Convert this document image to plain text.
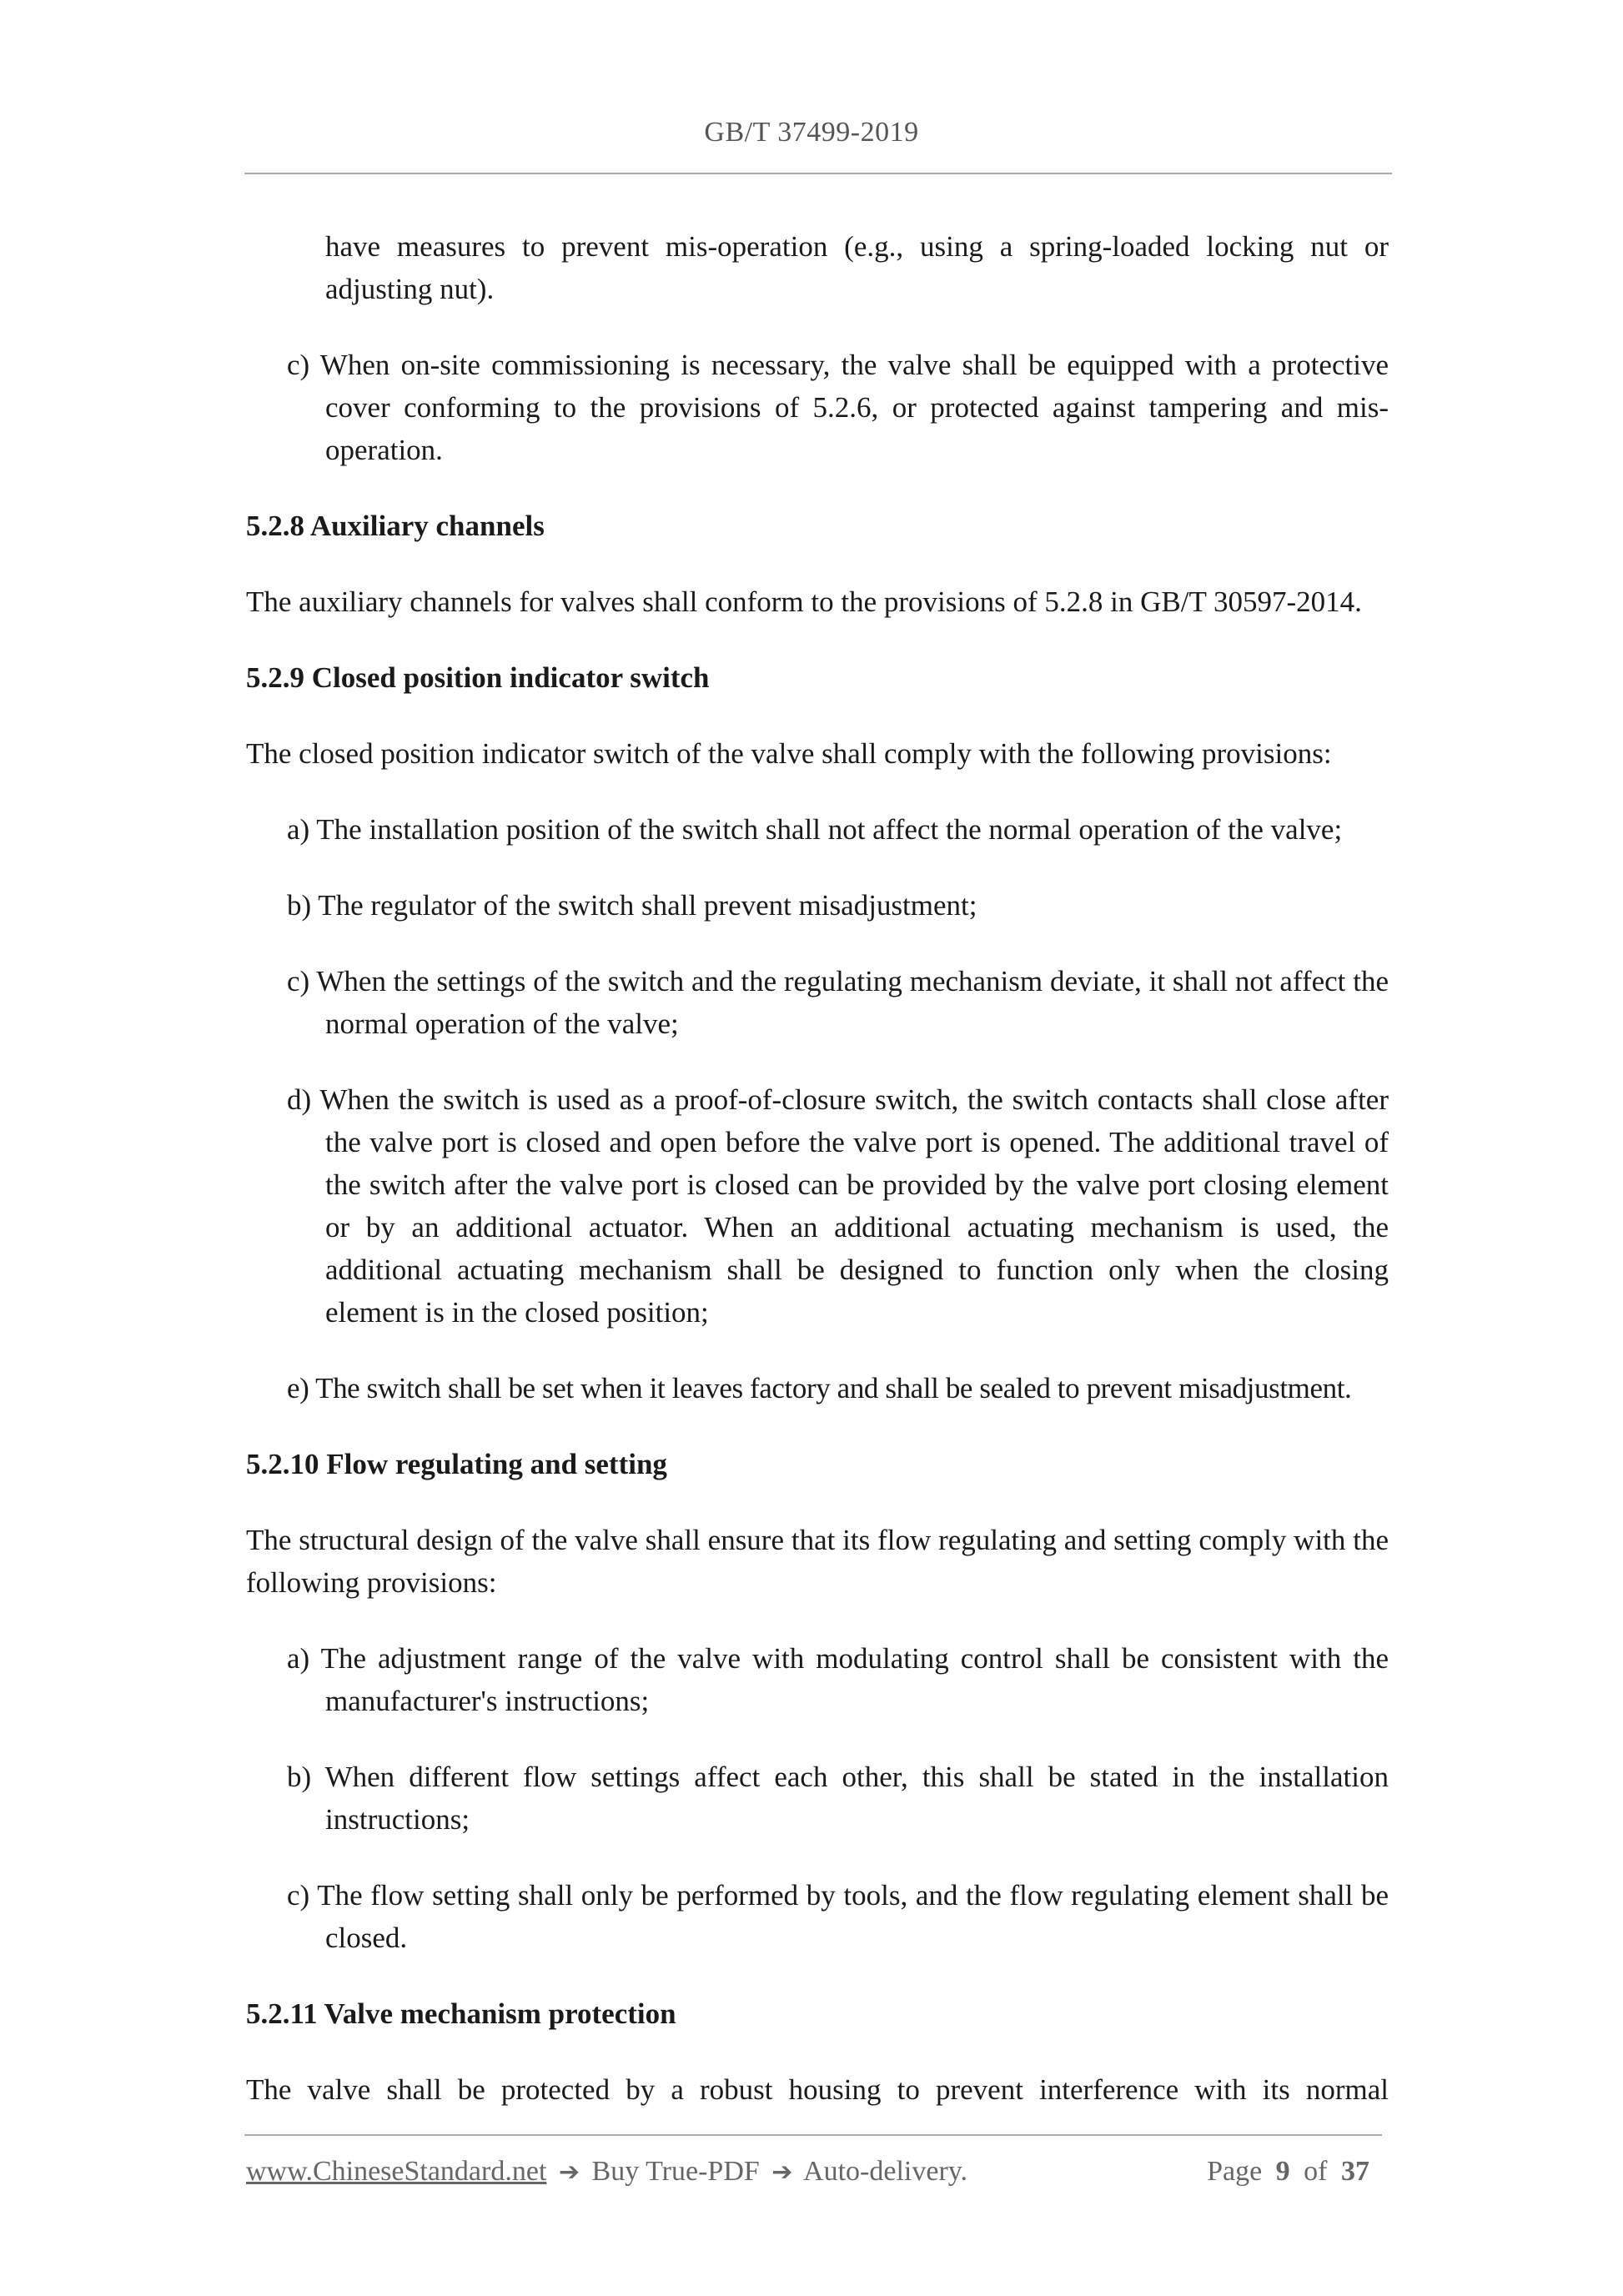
GB/T 37499-2019

have measures to prevent mis-operation (e.g., using a spring-loaded locking nut or adjusting nut).

c) When on-site commissioning is necessary, the valve shall be equipped with a protective cover conforming to the provisions of 5.2.6, or protected against tampering and mis-operation.

5.2.8 Auxiliary channels

The auxiliary channels for valves shall conform to the provisions of 5.2.8 in GB/T 30597-2014.

5.2.9 Closed position indicator switch

The closed position indicator switch of the valve shall comply with the following provisions:

a) The installation position of the switch shall not affect the normal operation of the valve;

b) The regulator of the switch shall prevent misadjustment;

c) When the settings of the switch and the regulating mechanism deviate, it shall not affect the normal operation of the valve;

d) When the switch is used as a proof-of-closure switch, the switch contacts shall close after the valve port is closed and open before the valve port is opened. The additional travel of the switch after the valve port is closed can be provided by the valve port closing element or by an additional actuator. When an additional actuating mechanism is used, the additional actuating mechanism shall be designed to function only when the closing element is in the closed position;

e) The switch shall be set when it leaves factory and shall be sealed to prevent misadjustment.

5.2.10 Flow regulating and setting

The structural design of the valve shall ensure that its flow regulating and setting comply with the following provisions:

a) The adjustment range of the valve with modulating control shall be consistent with the manufacturer's instructions;

b) When different flow settings affect each other, this shall be stated in the installation instructions;

c) The flow setting shall only be performed by tools, and the flow regulating element shall be closed.

5.2.11 Valve mechanism protection

The valve shall be protected by a robust housing to prevent interference with its normal

www.ChineseStandard.net ➔ Buy True-PDF ➔ Auto-delivery.	Page 9 of 37
